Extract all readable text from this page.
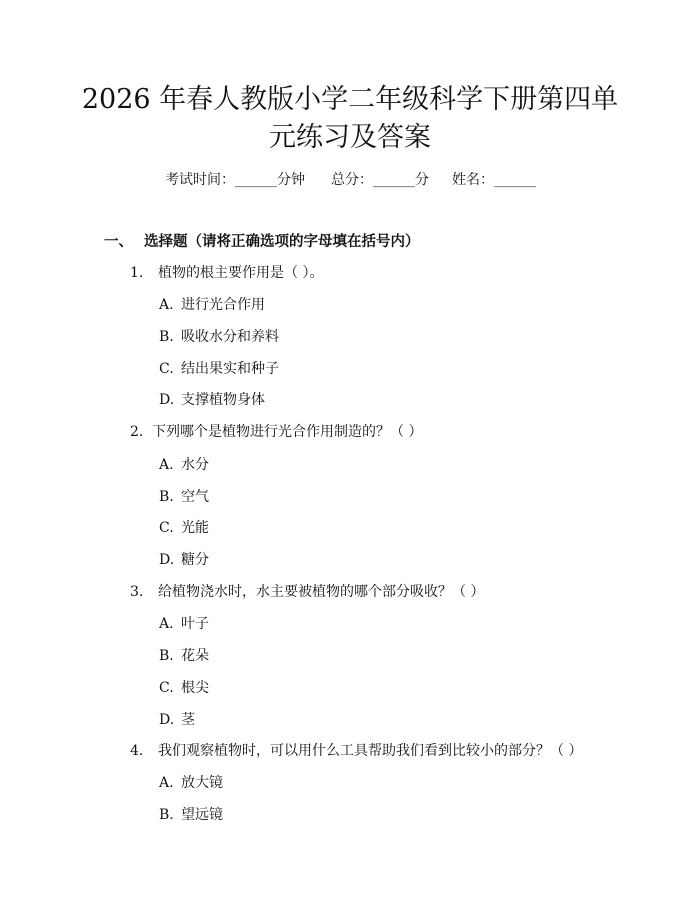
2026 年春人教版小学二年级科学下册第四单
元练习及答案
考试时间：______分钟 总分：______分 姓名：______
一、 选择题（请将正确选项的字母填在括号内）
1. 植物的根主要作用是（ ）。
A. 进行光合作用
B. 吸收水分和养料
C. 结出果实和种子
D. 支撑植物身体
2. 下列哪个是植物进行光合作用制造的？（ ）
A. 水分
B. 空气
C. 光能
D. 糖分
3. 给植物浇水时，水主要被植物的哪个部分吸收？（ ）
A. 叶子
B. 花朵
C. 根尖
D. 茎
4. 我们观察植物时，可以用什么工具帮助我们看到比较小的部分？（ ）
A. 放大镜
B. 望远镜
